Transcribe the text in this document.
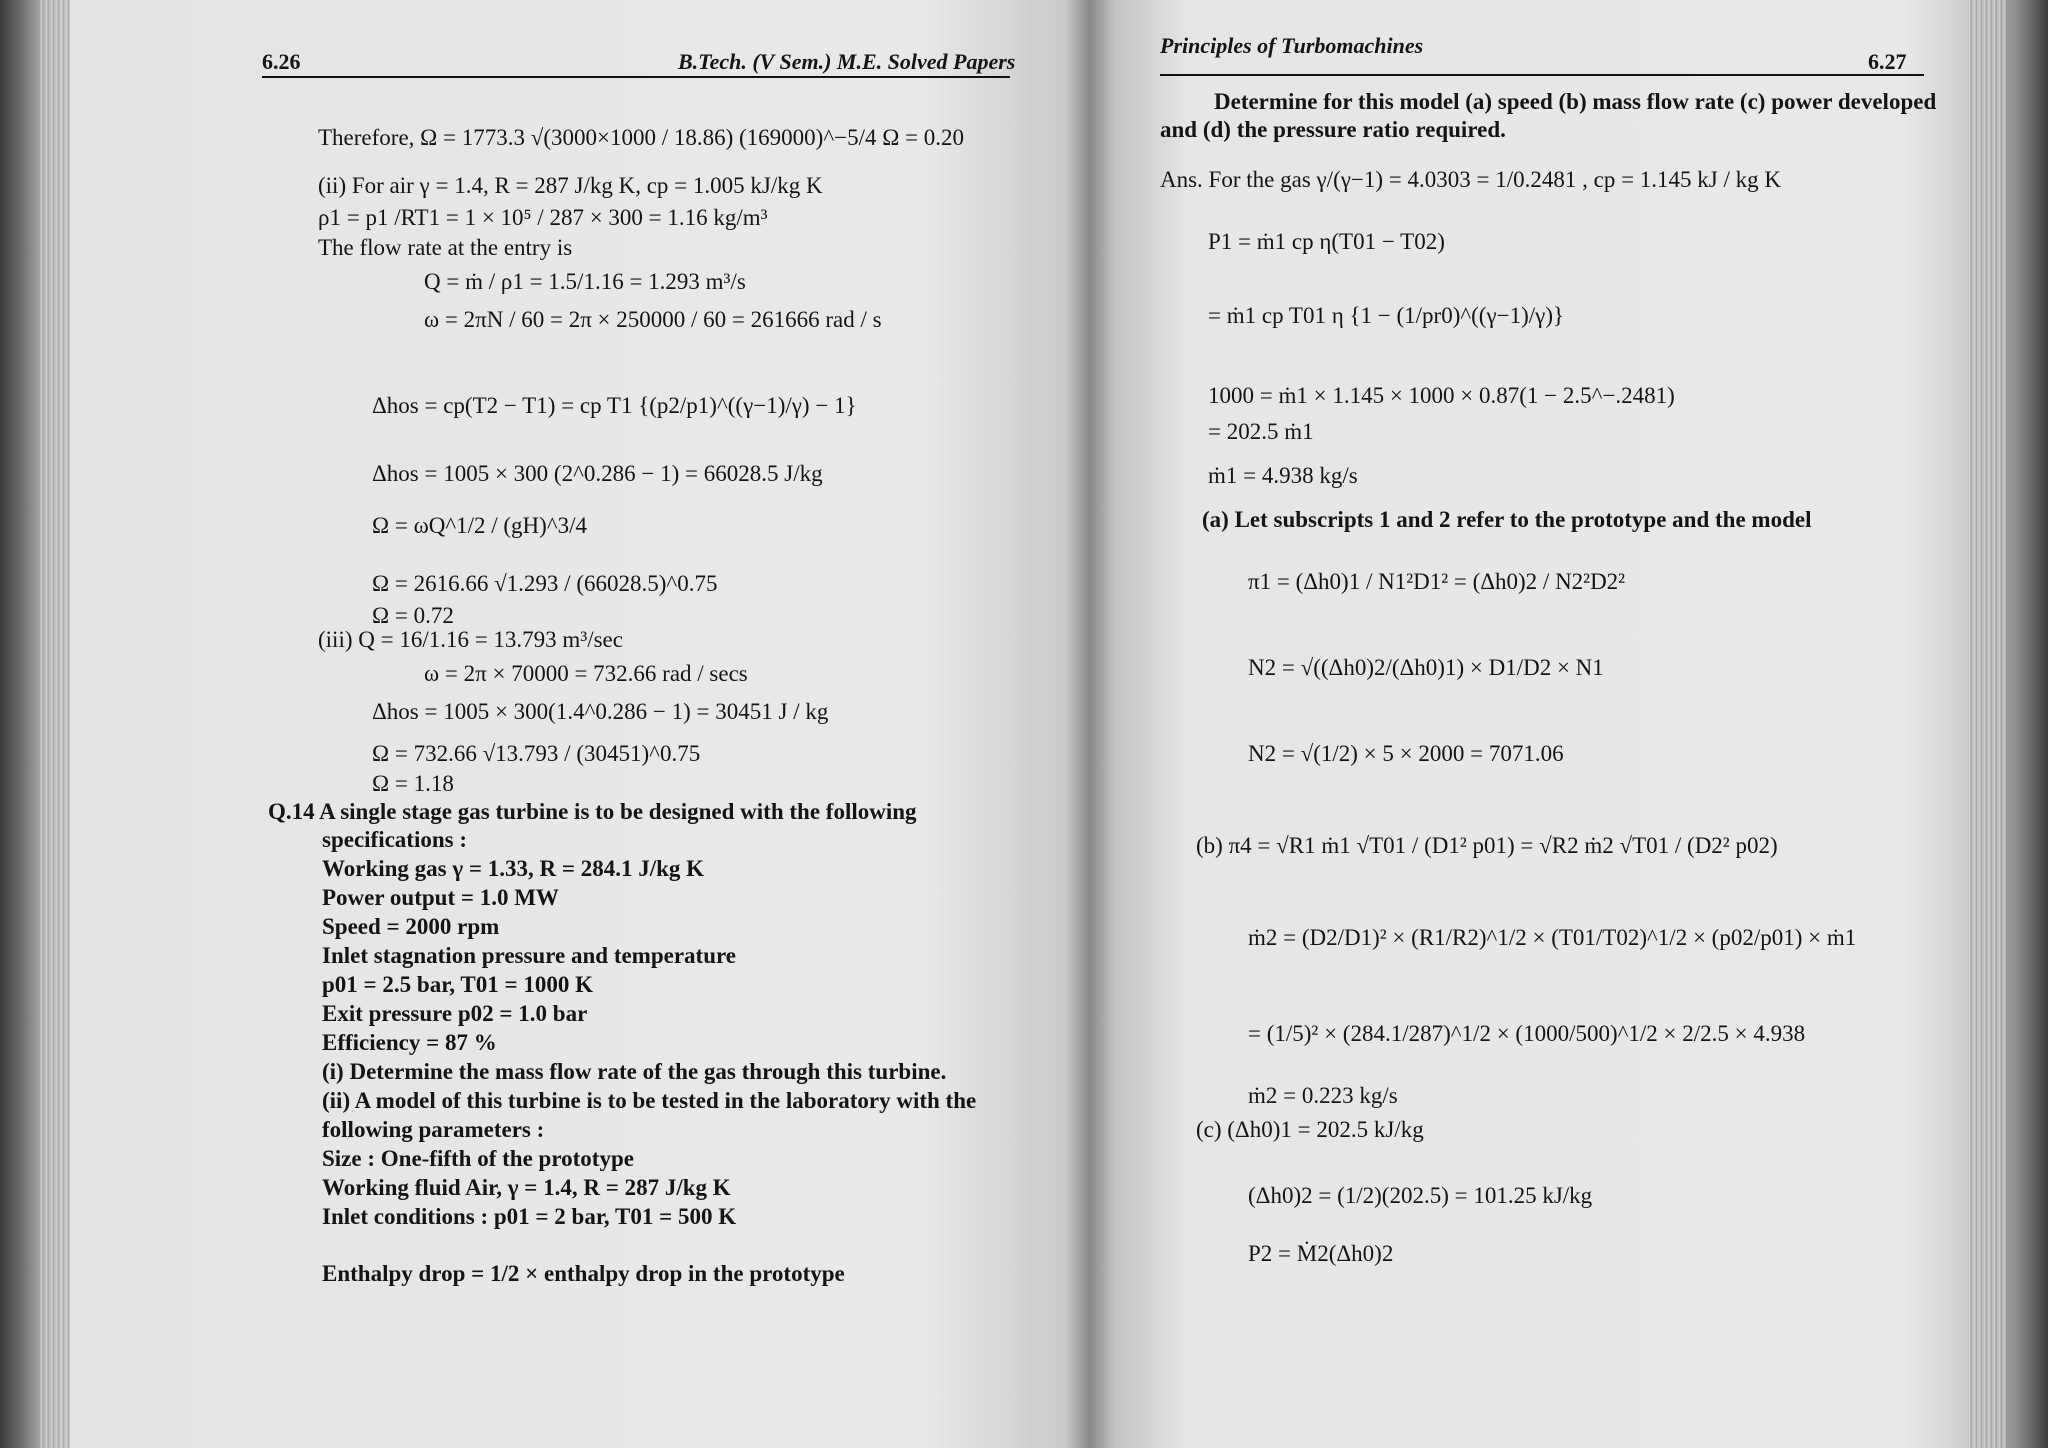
6.26	B.Tech. (V Sem.) M.E. Solved Papers
Therefore, Ω = 1773.3 √(3000×1000 / 18.86) (169000)^−5/4 Ω = 0.20
(ii) For air γ = 1.4, R = 287 J/kg K, cp = 1.005 kJ/kg K
ρ1 = p1 /RT1 = 1 × 10⁵ / 287 × 300 = 1.16 kg/m³
The flow rate at the entry is
Q = ṁ / ρ1 = 1.5/1.16 = 1.293 m³/s
ω = 2πN / 60 = 2π × 250000 / 60 = 261666 rad / s
Δhos = cp(T2 − T1) = cp T1 {(p2/p1)^((γ−1)/γ) − 1}
Δhos = 1005 × 300 (2^0.286 − 1) = 66028.5 J/kg
Ω = ωQ^1/2 / (gH)^3/4
Ω = 2616.66 √1.293 / (66028.5)^0.75
Ω = 0.72
(iii) Q = 16/1.16 = 13.793 m³/sec
ω = 2π × 70000 = 732.66 rad / secs
Δhos = 1005 × 300(1.4^0.286 − 1) = 30451 J / kg
Ω = 732.66 √13.793 / (30451)^0.75
Ω = 1.18
Q.14 A single stage gas turbine is to be designed with the following
specifications :
Working gas γ = 1.33, R = 284.1 J/kg K
Power output = 1.0 MW
Speed = 2000 rpm
Inlet stagnation pressure and temperature
p01 = 2.5 bar, T01 = 1000 K
Exit pressure p02 = 1.0 bar
Efficiency = 87 %
(i) Determine the mass flow rate of the gas through this turbine.
(ii) A model of this turbine is to be tested in the laboratory with the
following parameters :
Size : One-fifth of the prototype
Working fluid Air, γ = 1.4, R = 287 J/kg K
Inlet conditions : p01 = 2 bar, T01 = 500 K
Enthalpy drop = 1/2 × enthalpy drop in the prototype
Principles of Turbomachines
6.27
Determine for this model (a) speed (b) mass flow rate (c) power developed
and (d) the pressure ratio required.
Ans. For the gas γ/(γ−1) = 4.0303 = 1/0.2481 , cp = 1.145 kJ / kg K
P1 = ṁ1 cp η(T01 − T02)
= ṁ1 cp T01 η {1 − (1/pr0)^((γ−1)/γ)}
1000 = ṁ1 × 1.145 × 1000 × 0.87(1 − 2.5^−.2481)
= 202.5 ṁ1
ṁ1 = 4.938 kg/s
(a) Let subscripts 1 and 2 refer to the prototype and the model
π1 = (Δh0)1 / N1²D1² = (Δh0)2 / N2²D2²
N2 = √((Δh0)2/(Δh0)1) × D1/D2 × N1
N2 = √(1/2) × 5 × 2000 = 7071.06
(b) π4 = √R1 ṁ1 √T01 / (D1² p01) = √R2 ṁ2 √T01 / (D2² p02)
ṁ2 = (D2/D1)² × (R1/R2)^1/2 × (T01/T02)^1/2 × (p02/p01) × ṁ1
= (1/5)² × (284.1/287)^1/2 × (1000/500)^1/2 × 2/2.5 × 4.938
ṁ2 = 0.223 kg/s
(c) (Δh0)1 = 202.5 kJ/kg
(Δh0)2 = (1/2)(202.5) = 101.25 kJ/kg
P2 = Ṁ2(Δh0)2
